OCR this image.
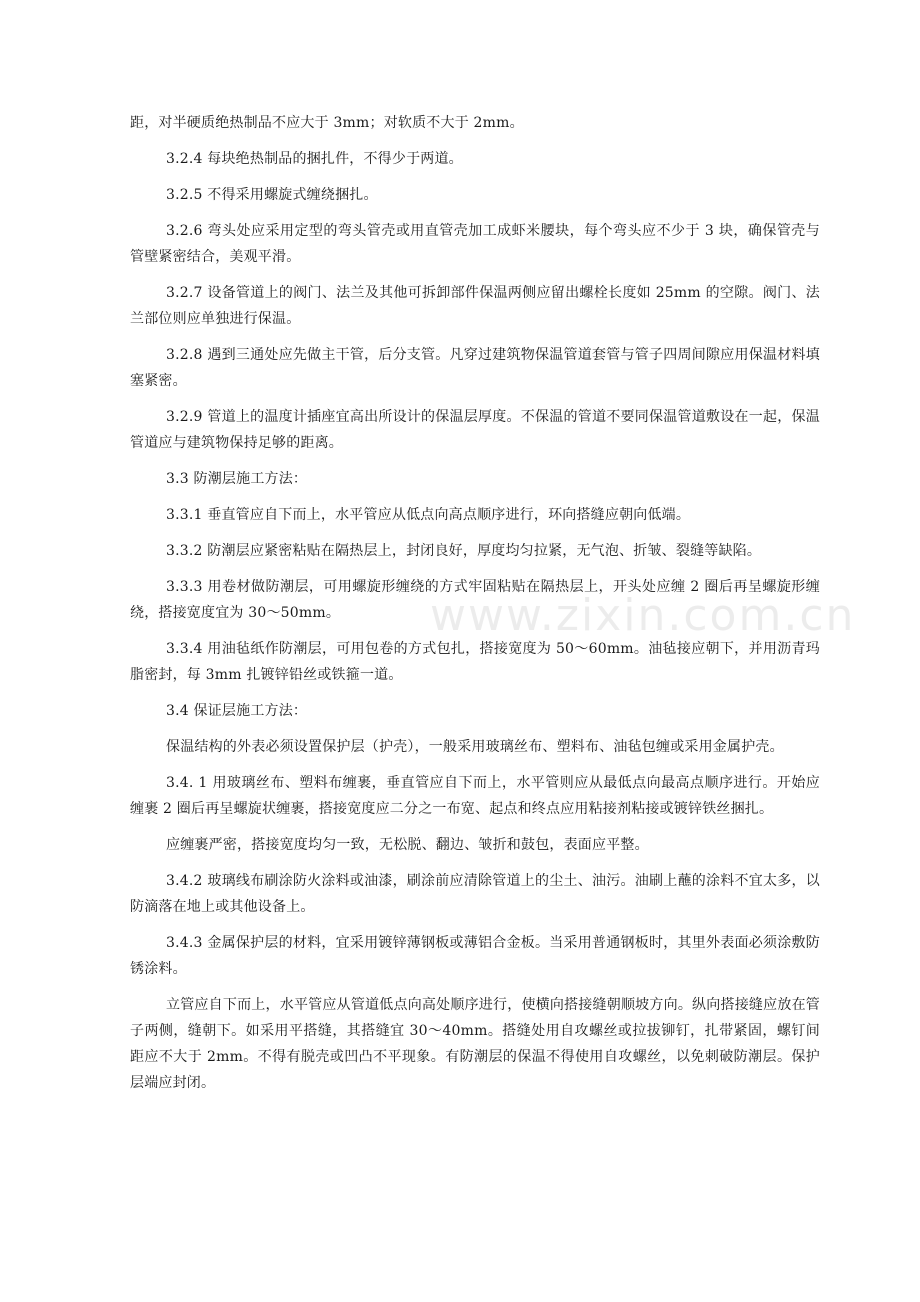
www.zixin.com.cn

距，对半硬质绝热制品不应大于 3mm；对软质不大于 2mm。

3.2.4 每块绝热制品的捆扎件，不得少于两道。

3.2.5 不得采用螺旋式缠绕捆扎。

3.2.6 弯头处应采用定型的弯头管壳或用直管壳加工成虾米腰块，每个弯头应不少于 3 块，确保管壳与管壁紧密结合，美观平滑。

3.2.7 设备管道上的阀门、法兰及其他可拆卸部件保温两侧应留出螺栓长度如 25mm 的空隙。阀门、法兰部位则应单独进行保温。

3.2.8 遇到三通处应先做主干管，后分支管。凡穿过建筑物保温管道套管与管子四周间隙应用保温材料填塞紧密。

3.2.9 管道上的温度计插座宜高出所设计的保温层厚度。不保温的管道不要同保温管道敷设在一起，保温管道应与建筑物保持足够的距离。

3.3 防潮层施工方法：

3.3.1 垂直管应自下而上，水平管应从低点向高点顺序进行，环向搭缝应朝向低端。

3.3.2 防潮层应紧密粘贴在隔热层上，封闭良好，厚度均匀拉紧，无气泡、折皱、裂缝等缺陷。

3.3.3 用卷材做防潮层，可用螺旋形缠绕的方式牢固粘贴在隔热层上，开头处应缠 2 圈后再呈螺旋形缠绕，搭接宽度宜为 30～50mm。

3.3.4 用油毡纸作防潮层，可用包卷的方式包扎，搭接宽度为 50～60mm。油毡接应朝下，并用沥青玛脂密封，每 3mm 扎镀锌铅丝或铁箍一道。

3.4 保证层施工方法：

保温结构的外表必须设置保护层（护壳），一般采用玻璃丝布、塑料布、油毡包缠或采用金属护壳。

3.4. 1 用玻璃丝布、塑料布缠裹，垂直管应自下而上，水平管则应从最低点向最高点顺序进行。开始应缠裹 2 圈后再呈螺旋状缠裹，搭接宽度应二分之一布宽、起点和终点应用粘接剂粘接或镀锌铁丝捆扎。

应缠裹严密，搭接宽度均匀一致，无松脱、翻边、皱折和鼓包，表面应平整。

3.4.2 玻璃线布刷涂防火涂料或油漆，刷涂前应清除管道上的尘土、油污。油刷上蘸的涂料不宜太多，以防滴落在地上或其他设备上。

3.4.3 金属保护层的材料，宜采用镀锌薄钢板或薄铝合金板。当采用普通钢板时，其里外表面必须涂敷防锈涂料。

立管应自下而上，水平管应从管道低点向高处顺序进行，使横向搭接缝朝顺坡方向。纵向搭接缝应放在管子两侧，缝朝下。如采用平搭缝，其搭缝宜 30～40mm。搭缝处用自攻螺丝或拉拔铆钉，扎带紧固，螺钉间距应不大于 2mm。不得有脱壳或凹凸不平现象。有防潮层的保温不得使用自攻螺丝，以免刺破防潮层。保护层端应封闭。
